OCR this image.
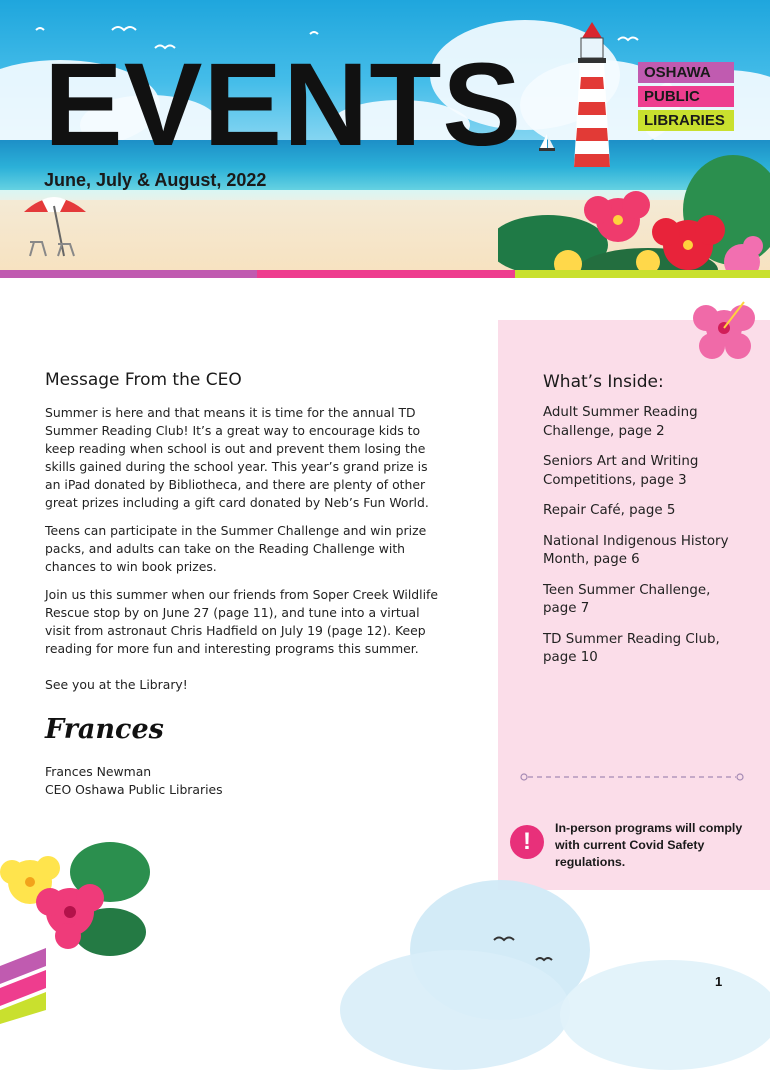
EVENTS
June, July & August, 2022
OSHAWA
PUBLIC
LIBRARIES
Message From the CEO

Summer is here and that means it is time for the annual TD Summer Reading Club! It’s a great way to encourage kids to keep reading when school is out and prevent them losing the skills gained during the school year. This year’s grand prize is an iPad donated by Bibliotheca, and there are plenty of other great prizes including a gift card donated by Neb’s Fun World.

Teens can participate in the Summer Challenge and win prize packs, and adults can take on the Reading Challenge with chances to win book prizes.

Join us this summer when our friends from Soper Creek Wildlife Rescue stop by on June 27 (page 11), and tune into a virtual visit from astronaut Chris Hadfield on July 19 (page 12). Keep reading for more fun and interesting programs this summer.

See you at the Library!

Frances

Frances Newman

CEO Oshawa Public Libraries

What’s Inside:
Adult Summer Reading Challenge, page 2
Seniors Art and Writing Competitions, page 3
Repair Café, page 5
National Indigenous History Month, page 6
Teen Summer Challenge, page 7
TD Summer Reading Club, page 10
!	In-person programs will comply with current Covid Safety regulations.
1
